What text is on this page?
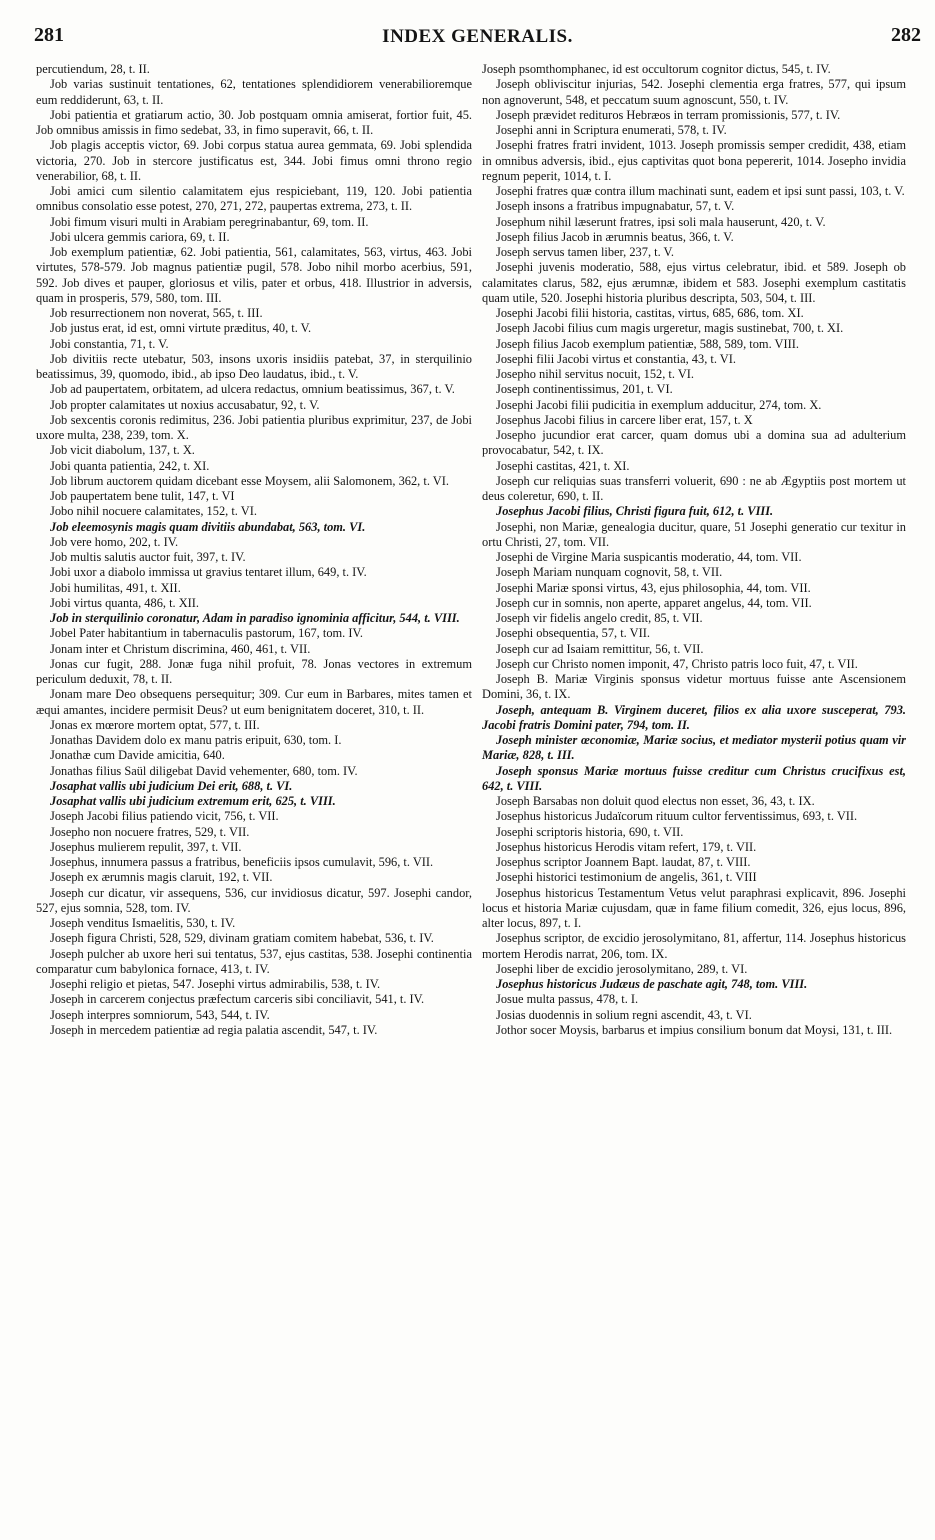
281	INDEX GENERALIS.	282

percutiendum, 28, t. II.

Job varias sustinuit tentationes, 62, tentationes splendidiorem venerabilioremque eum reddiderunt, 63, t. II.

Jobi patientia et gratiarum actio, 30. Job postquam omnia amiserat, fortior fuit, 45. Job omnibus amissis in fimo sedebat, 33, in fimo superavit, 66, t. II.

Job plagis acceptis victor, 69. Jobi corpus statua aurea gemmata, 69. Jobi splendida victoria, 270. Job in stercore justificatus est, 344. Jobi fimus omni throno regio venerabilior, 68, t. II.

Jobi amici cum silentio calamitatem ejus respiciebant, 119, 120. Jobi patientia omnibus consolatio esse potest, 270, 271, 272, paupertas extrema, 273, t. II.

Jobi fimum visuri multi in Arabiam peregrinabantur, 69, tom. II.

Jobi ulcera gemmis cariora, 69, t. II.

Job exemplum patientiæ, 62. Jobi patientia, 561, calamitates, 563, virtus, 463. Jobi virtutes, 578-579. Job magnus patientiæ pugil, 578. Jobo nihil morbo acerbius, 591, 592. Job dives et pauper, gloriosus et vilis, pater et orbus, 418. Illustrior in adversis, quam in prosperis, 579, 580, tom. III.

Job resurrectionem non noverat, 565, t. III.

Job justus erat, id est, omni virtute præditus, 40, t. V.

Jobi constantia, 71, t. V.

Job divitiis recte utebatur, 503, insons uxoris insidiis patebat, 37, in sterquilinio beatissimus, 39, quomodo, ibid., ab ipso Deo laudatus, ibid., t. V.

Job ad paupertatem, orbitatem, ad ulcera redactus, omnium beatissimus, 367, t. V.

Job propter calamitates ut noxius accusabatur, 92, t. V.

Job sexcentis coronis redimitus, 236. Jobi patientia pluribus exprimitur, 237, de Jobi uxore multa, 238, 239, tom. X.

Job vicit diabolum, 137, t. X.

Jobi quanta patientia, 242, t. XI.

Job librum auctorem quidam dicebant esse Moysem, alii Salomonem, 362, t. VI.

Job paupertatem bene tulit, 147, t. VI

Jobo nihil nocuere calamitates, 152, t. VI.

Job eleemosynis magis quam divitiis abundabat, 563, tom. VI.

Job vere homo, 202, t. IV.

Job multis salutis auctor fuit, 397, t. IV.

Jobi uxor a diabolo immissa ut gravius tentaret illum, 649, t. IV.

Jobi humilitas, 491, t. XII.

Jobi virtus quanta, 486, t. XII.

Job in sterquilinio coronatur, Adam in paradiso ignominia afficitur, 544, t. VIII.

Jobel Pater habitantium in tabernaculis pastorum, 167, tom. IV.

Jonam inter et Christum discrimina, 460, 461, t. VII.

Jonas cur fugit, 288. Jonæ fuga nihil profuit, 78. Jonas vectores in extremum periculum deduxit, 78, t. II.

Jonam mare Deo obsequens persequitur; 309. Cur eum in Barbares, mites tamen et æqui amantes, incidere permisit Deus? ut eum benignitatem doceret, 310, t. II.

Jonas ex mœrore mortem optat, 577, t. III.

Jonathas Davidem dolo ex manu patris eripuit, 630, tom. I.

Jonathæ cum Davide amicitia, 640.

Jonathas filius Saül diligebat David vehementer, 680, tom. IV.

Josaphat vallis ubi judicium Dei erit, 688, t. VI.

Josaphat vallis ubi judicium extremum erit, 625, t. VIII.

Joseph Jacobi filius patiendo vicit, 756, t. VII.

Josepho non nocuere fratres, 529, t. VII.

Josephus mulierem repulit, 397, t. VII.

Josephus, innumera passus a fratribus, beneficiis ipsos cumulavit, 596, t. VII.

Joseph ex ærumnis magis claruit, 192, t. VII.

Joseph cur dicatur, vir assequens, 536, cur invidiosus dicatur, 597. Josephi candor, 527, ejus somnia, 528, tom. IV.

Joseph venditus Ismaelitis, 530, t. IV.

Joseph figura Christi, 528, 529, divinam gratiam comitem habebat, 536, t. IV.

Joseph pulcher ab uxore heri sui tentatus, 537, ejus castitas, 538. Josephi continentia comparatur cum babylonica fornace, 413, t. IV.

Josephi religio et pietas, 547. Josephi virtus admirabilis, 538, t. IV.

Joseph in carcerem conjectus præfectum carceris sibi conciliavit, 541, t. IV.

Joseph interpres somniorum, 543, 544, t. IV.

Joseph in mercedem patientiæ ad regia palatia ascendit, 547, t. IV.

Joseph psomthomphanec, id est occultorum cognitor dictus, 545, t. IV.

Joseph obliviscitur injurias, 542. Josephi clementia erga fratres, 577, qui ipsum non agnoverunt, 548, et peccatum suum agnoscunt, 550, t. IV.

Joseph prævidet redituros Hebræos in terram promissionis, 577, t. IV.

Josephi anni in Scriptura enumerati, 578, t. IV.

Josephi fratres fratri invident, 1013. Joseph promissis semper credidit, 438, etiam in omnibus adversis, ibid., ejus captivitas quot bona pepererit, 1014. Josepho invidia regnum peperit, 1014, t. I.

Josephi fratres quæ contra illum machinati sunt, eadem et ipsi sunt passi, 103, t. V.

Joseph insons a fratribus impugnabatur, 57, t. V.

Josephum nihil læserunt fratres, ipsi soli mala hauserunt, 420, t. V.

Joseph filius Jacob in ærumnis beatus, 366, t. V.

Joseph servus tamen liber, 237, t. V.

Josephi juvenis moderatio, 588, ejus virtus celebratur, ibid. et 589. Joseph ob calamitates clarus, 582, ejus ærumnæ, ibidem et 583. Josephi exemplum castitatis quam utile, 520. Josephi historia pluribus descripta, 503, 504, t. III.

Josephi Jacobi filii historia, castitas, virtus, 685, 686, tom. XI.

Joseph Jacobi filius cum magis urgeretur, magis sustinebat, 700, t. XI.

Joseph filius Jacob exemplum patientiæ, 588, 589, tom. VIII.

Josephi filii Jacobi virtus et constantia, 43, t. VI.

Josepho nihil servitus nocuit, 152, t. VI.

Joseph continentissimus, 201, t. VI.

Josephi Jacobi filii pudicitia in exemplum adducitur, 274, tom. X.

Josephus Jacobi filius in carcere liber erat, 157, t. X

Josepho jucundior erat carcer, quam domus ubi a domina sua ad adulterium provocabatur, 542, t. IX.

Josephi castitas, 421, t. XI.

Joseph cur reliquias suas transferri voluerit, 690 : ne ab Ægyptiis post mortem ut deus coleretur, 690, t. II.

Josephus Jacobi filius, Christi figura fuit, 612, t. VIII.

Josephi, non Mariæ, genealogia ducitur, quare, 51 Josephi generatio cur texitur in ortu Christi, 27, tom. VII.

Josephi de Virgine Maria suspicantis moderatio, 44, tom. VII.

Joseph Mariam nunquam cognovit, 58, t. VII.

Josephi Mariæ sponsi virtus, 43, ejus philosophia, 44, tom. VII.

Joseph cur in somnis, non aperte, apparet angelus, 44, tom. VII.

Joseph vir fidelis angelo credit, 85, t. VII.

Josephi obsequentia, 57, t. VII.

Joseph cur ad Isaiam remittitur, 56, t. VII.

Joseph cur Christo nomen imponit, 47, Christo patris loco fuit, 47, t. VII.

Joseph B. Mariæ Virginis sponsus videtur mortuus fuisse ante Ascensionem Domini, 36, t. IX.

Joseph, antequam B. Virginem duceret, filios ex alia uxore susceperat, 793. Jacobi fratris Domini pater, 794, tom. II.

Joseph minister œconomiæ, Mariæ socius, et mediator mysterii potius quam vir Mariæ, 828, t. III.

Joseph sponsus Mariæ mortuus fuisse creditur cum Christus crucifixus est, 642, t. VIII.

Joseph Barsabas non doluit quod electus non esset, 36, 43, t. IX.

Josephus historicus Judaïcorum rituum cultor ferventissimus, 693, t. VII.

Josephi scriptoris historia, 690, t. VII.

Josephus historicus Herodis vitam refert, 179, t. VII.

Josephus scriptor Joannem Bapt. laudat, 87, t. VIII.

Josephi historici testimonium de angelis, 361, t. VIII

Josephus historicus Testamentum Vetus velut paraphrasi explicavit, 896. Josephi locus et historia Mariæ cujusdam, quæ in fame filium comedit, 326, ejus locus, 896, alter locus, 897, t. I.

Josephus scriptor, de excidio jerosolymitano, 81, affertur, 114. Josephus historicus mortem Herodis narrat, 206, tom. IX.

Josephi liber de excidio jerosolymitano, 289, t. VI.

Josephus historicus Judæus de paschate agit, 748, tom. VIII.

Josue multa passus, 478, t. I.

Josias duodennis in solium regni ascendit, 43, t. VI.

Jothor socer Moysis, barbarus et impius consilium bonum dat Moysi, 131, t. III.
